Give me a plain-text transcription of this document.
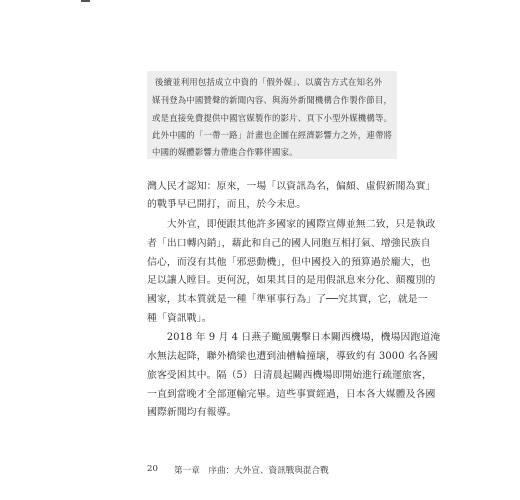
後續並利用包括成立中資的「假外媒」、以廣告方式在知名外
媒刊登為中國贊聲的新聞內容、與海外新聞機構合作製作節目，
或是直接免費提供中國官媒製作的影片、頁下小型外媒機構等。
此外中國的「一帶一路」計畫也企圖在經濟影響力之外，連帶將
中國的媒體影響力帶進合作夥伴國家。
灣人民才認知：原來，一場「以資訊為名，偏頗、虛假新聞為實」
的戰爭早已開打，而且，於今未息。
　　大外宣，即便跟其他許多國家的國際宣傳並無二致，只是執政
者「出口轉內銷」，藉此和自己的國人同胞互相打氣、增強民族自
信心，而沒有其他「邪惡動機」，但中國投入的預算過於龐大，也
足以讓人瞠目。更何況，如果其目的是用假訊息來分化、顛覆別的
國家，其本質就是一種「準軍事行為」了──究其實，它，就是一
種「資訊戰」。
　　2018 年 9 月 4 日燕子颱風襲擊日本關西機場，機場因跑道淹
水無法起降，聯外橋梁也遭到油槽輪撞壞，導致約有 3000 名各國
旅客受困其中。隔（5）日清晨起關西機場即開始進行疏運旅客，
一直到當晚才全部運輸完畢。這些事實經過，日本各大媒體及各國
國際新聞均有報導。
20 第一章　序曲：大外宣、資訊戰與混合戰
